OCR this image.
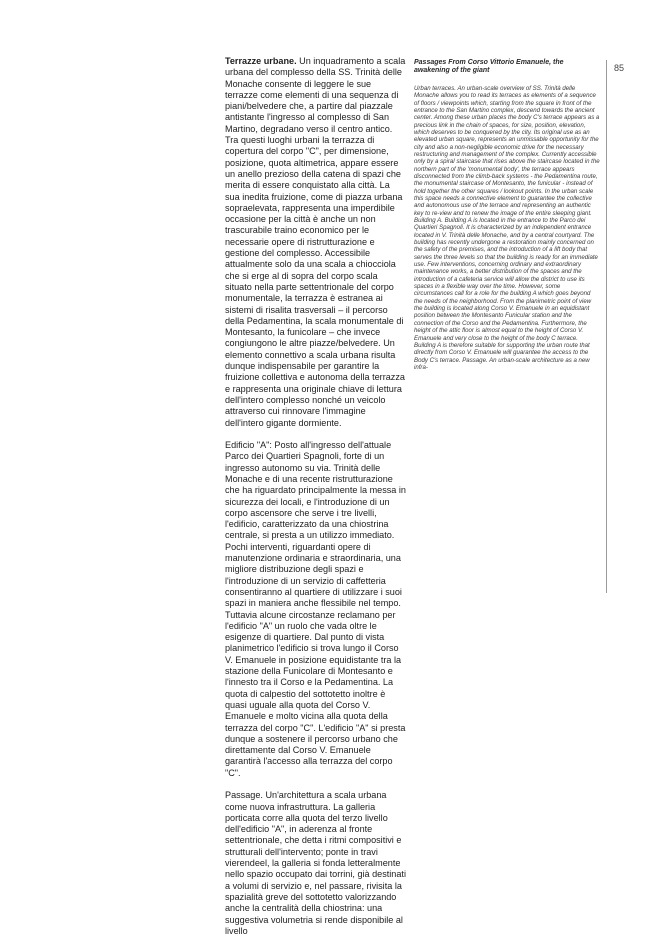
Terrazze urbane. Un inquadramento a scala urbana del complesso della SS. Trinità delle Monache consente di leggere le sue terrazze come elementi di una sequenza di piani/belvedere che, a partire dal piazzale antistante l'ingresso al complesso di San Martino, degradano verso il centro antico. Tra questi luoghi urbani la terrazza di copertura del corpo "C", per dimensione, posizione, quota altimetrica, appare essere un anello prezioso della catena di spazi che merita di essere conquistato alla città. La sua inedita fruizione, come di piazza urbana sopraelevata, rappresenta una imperdibile occasione per la città è anche un non trascurabile traino economico per le necessarie opere di ristrutturazione e gestione del complesso. Accessibile attualmente solo da una scala a chiocciola che si erge al di sopra del corpo scala situato nella parte settentrionale del corpo monumentale, la terrazza è estranea ai sistemi di risalita trasversali – il percorso della Pedamentina, la scala monumentale di Montesanto, la funicolare – che invece congiungono le altre piazze/belvedere. Un elemento connettivo a scala urbana risulta dunque indispensabile per garantire la fruizione collettiva e autonoma della terrazza e rappresenta una originale chiave di lettura dell'intero complesso nonché un veicolo attraverso cui rinnovare l'immagine dell'intero gigante dormiente.

Edificio "A": Posto all'ingresso dell'attuale Parco dei Quartieri Spagnoli, forte di un ingresso autonomo su via. Trinità delle Monache e di una recente ristrutturazione che ha riguardato principalmente la messa in sicurezza dei locali, e l'introduzione di un corpo ascensore che serve i tre livelli, l'edificio, caratterizzato da una chiostrina centrale, si presta a un utilizzo immediato. Pochi interventi, riguardanti opere di manutenzione ordinaria e straordinaria, una migliore distribuzione degli spazi e l'introduzione di un servizio di caffetteria consentiranno al quartiere di utilizzare i suoi spazi in maniera anche flessibile nel tempo. Tuttavia alcune circostanze reclamano per l'edificio "A" un ruolo che vada oltre le esigenze di quartiere. Dal punto di vista planimetrico l'edificio si trova lungo il Corso V. Emanuele in posizione equidistante tra la stazione della Funicolare di Montesanto e l'innesto tra il Corso e la Pedamentina. La quota di calpestio del sottotetto inoltre è quasi uguale alla quota del Corso V. Emanuele e molto vicina alla quota della terrazza del corpo "C". L'edificio "A" si presta dunque a sostenere il percorso urbano che direttamente dal Corso V. Emanuele garantirà l'accesso alla terrazza del corpo "C".

Passage. Un'architettura a scala urbana come nuova infrastruttura. La galleria porticata corre alla quota del terzo livello dell'edificio "A", in aderenza al fronte settentrionale, che detta i ritmi compositivi e strutturali dell'intervento; ponte in travi vierendeel, la galleria si fonda letteralmente nello spazio occupato dai torrini, già destinati a volumi di servizio e, nel passare, rivisita la spazialità greve del sottotetto valorizzando anche la centralità della chiostrina: una suggestiva volumetria si rende disponibile al livello

Passages From Corso Vittorio Emanuele, the awakening of the giant

Urban terraces. An urban-scale overview of SS. Trinità delle Monache allows you to read its terraces as elements of a sequence of floors / viewpoints which, starting from the square in front of the entrance to the San Martino complex, descend towards the ancient center. Among these urban places the body C's terrace appears as a precious link in the chain of spaces, for size, position, elevation, which deserves to be conquered by the city. Its original use as an elevated urban square, represents an unmissable opportunity for the city and also a non-negligible economic drive for the necessary restructuring and management of the complex. Currently accessible only by a spiral staircase that rises above the staircase located in the northern part of the 'monumental body', the terrace appears disconnected from the climb-back systems - the Pedamentina route, the monumental staircase of Montesanto, the funicular - instead of hold together the other squares / lookout points. In the urban scale this space needs a connective element to guarantee the collective and autonomous use of the terrace and representing an authentic key to re-view and to renew the image of the entire sleeping giant. Building A. Building A is located in the entrance to the Parco dei Quartieri Spagnoli. It is characterized by an independent entrance located in V. Trinità delle Monache, and by a central courtyard. The building has recently undergone a restoration mainly concerned on the safety of the premises, and the introduction of a lift body that serves the three levels so that the building is ready for an immediate use. Few interventions, concerning ordinary and extraordinary maintenance works, a better distribution of the spaces and the introduction of a cafeteria service will allow the district to use its spaces in a flexible way over the time. However, some circumstances call for a role for the building A which goes beyond the needs of the neighborhood. From the planimetric point of view the building is located along Corso V. Emanuele in an equidistant position between the Montesanto Funicular station and the connection of the Corso and the Pedamentina. Furthermore, the height of the attic floor is almost equal to the height of Corso V. Emanuele and very close to the height of the body C terrace. Building A is therefore suitable for supporting the urban route that directly from Corso V. Emanuele will guarantee the access to the Body C's terrace. Passage. An urban-scale architecture as a new infra-

85
